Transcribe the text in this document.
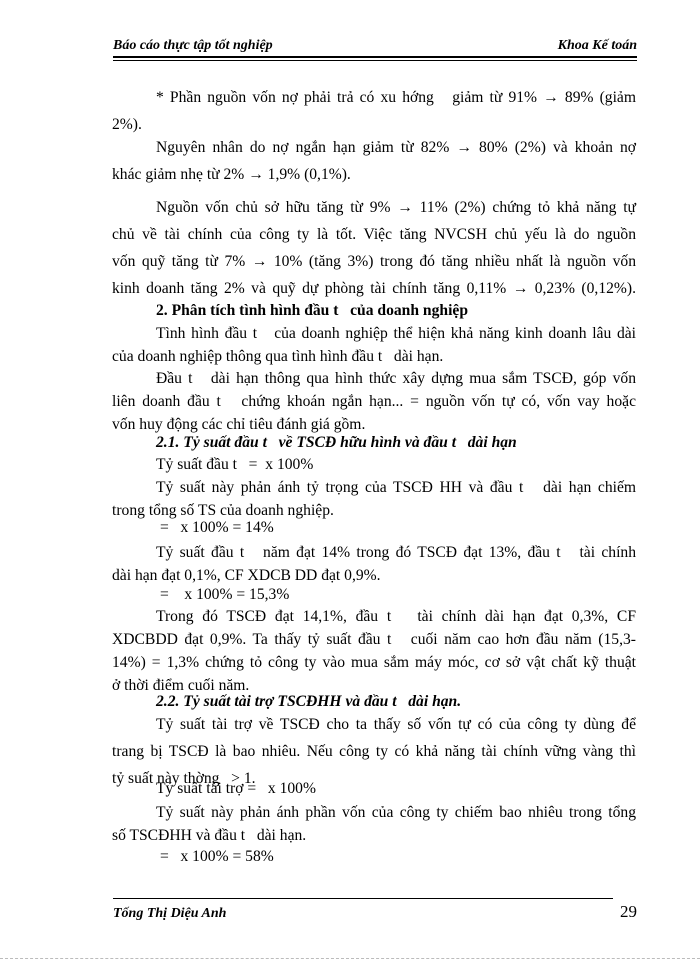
Báo cáo thực tập tốt nghiệp	Khoa Kế toán
* Phần nguồn vốn nợ phải trả có xu hớng   giảm từ 91% → 89% (giảm
2%).
Nguyên nhân do nợ ngắn hạn giảm từ 82% → 80% (2%) và khoản nợ
khác giảm nhẹ từ 2% → 1,9% (0,1%).
Nguồn vốn chủ sở hữu tăng từ 9% → 11% (2%) chứng tỏ khả năng tự
chủ về tài chính của công ty là tốt. Việc tăng NVCSH chủ yếu là do nguồn
vốn quỹ tăng từ 7% → 10% (tăng 3%) trong đó tăng nhiều nhất là nguồn vốn
kinh doanh tăng 2% và quỹ dự phòng tài chính tăng 0,11% → 0,23% (0,12%).
2. Phân tích tình hình đầu t   của doanh nghiệp
Tình hình đầu t   của doanh nghiệp thể hiện khả năng kinh doanh lâu dài
của doanh nghiệp thông qua tình hình đầu t   dài hạn.
Đầu t   dài hạn thông qua hình thức xây dựng mua sắm TSCĐ, góp vốn
liên doanh đầu t   chứng khoán ngắn hạn... = nguồn vốn tự có, vốn vay hoặc
vốn huy động các chỉ tiêu đánh giá gồm.
2.1. Tỷ suất đầu t   về TSCĐ hữu hình và đầu t   dài hạn
Tỷ suất đầu t   =  x 100%
Tỷ suất này phản ánh tỷ trọng của TSCĐ HH và đầu t   dài hạn chiếm
trong tổng số TS của doanh nghiệp.
=   x 100% = 14%
Tỷ suất đầu t   năm đạt 14% trong đó TSCĐ đạt 13%, đầu t   tài chính
dài hạn đạt 0,1%, CF XDCB DD đạt 0,9%.
=    x 100% = 15,3%
Trong đó TSCĐ đạt 14,1%, đầu t   tài chính dài hạn đạt 0,3%, CF
XDCBDD đạt 0,9%. Ta thấy tỷ suất đầu t   cuối năm cao hơn đầu năm (15,3-
14%) = 1,3% chứng tỏ công ty vào mua sắm máy móc, cơ sở vật chất kỹ thuật
ở thời điểm cuối năm.
2.2. Tỷ suất tài trợ TSCĐHH và đầu t   dài hạn.
Tỷ suất tài trợ về TSCĐ cho ta thấy số vốn tự có của công ty dùng để
trang bị TSCĐ là bao nhiêu. Nếu công ty có khả năng tài chính vững vàng thì
tỷ suất này thờng   > 1.
Tỷ suất tài trợ =   x 100%
Tỷ suất này phản ánh phần vốn của công ty chiếm bao nhiêu trong tổng
số TSCĐHH và đầu t   dài hạn.
=   x 100% = 58%
Tống Thị Diệu Anh	29
